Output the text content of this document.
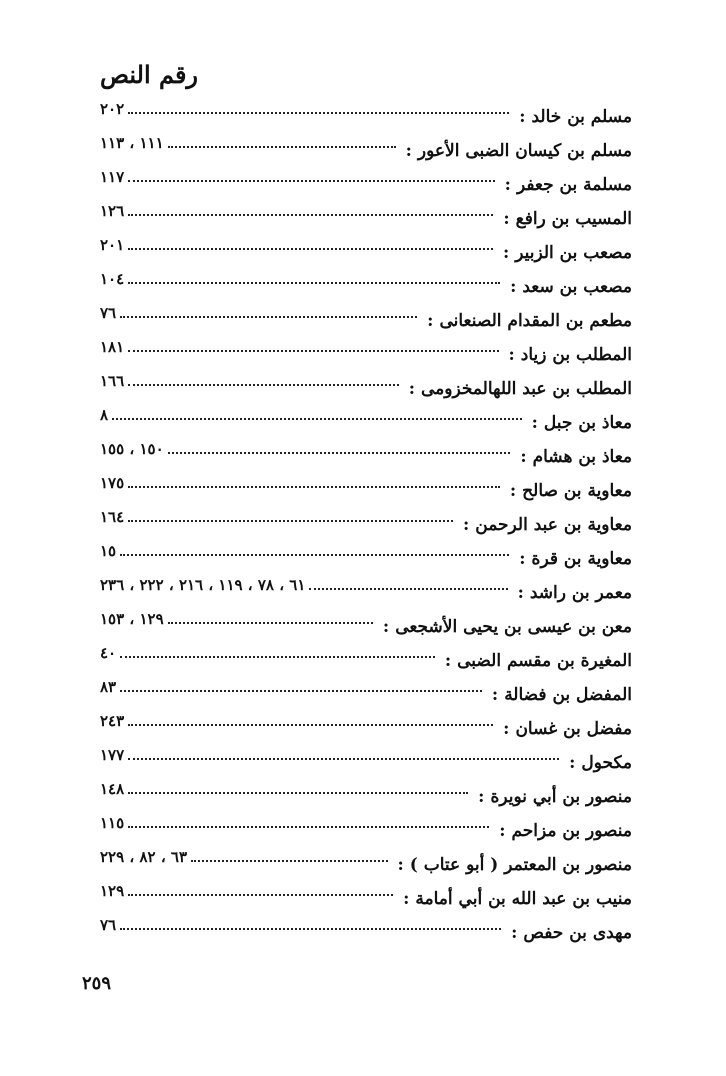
رقم النص
مسلم بن خالد
:
٢٠٢
مسلم بن كيسان الضبى الأعور
:
١١١ ، ١١٣
مسلمة بن جعفر
:
١١٧
المسيب بن رافع
:
١٢٦
مصعب بن الزبير
:
٢٠١
مصعب بن سعد
:
١٠٤
مطعم بن المقدام الصنعانى
:
٧٦
المطلب بن زياد
:
١٨١
المطلب بن عبد اللهالمخزومى
:
١٦٦
معاذ بن جبل
:
٨
معاذ بن هشام
:
١٥٠ ، ١٥٥
معاوية بن صالح
:
١٧٥
معاوية بن عبد الرحمن
:
١٦٤
معاوية بن قرة
:
١٥
معمر بن راشد
:
٦١ ، ٧٨ ، ١١٩ ، ٢١٦ ، ٢٢٢ ، ٢٣٦
معن بن عيسى بن يحيى الأشجعى
:
١٢٩ ، ١٥٣
المغيرة بن مقسم الضبى
:
٤٠
المفضل بن فضالة
:
٨٣
مفضل بن غسان
:
٢٤٣
مكحول
:
١٧٧
منصور بن أبي نويرة
:
١٤٨
منصور بن مزاحم
:
١١٥
منصور بن المعتمر ( أبو عتاب )
:
٦٣ ، ٨٢ ، ٢٢٩
منيب بن عبد الله بن أبي أمامة
:
١٢٩
مهدى بن حفص
:
٧٦
٢٥٩
